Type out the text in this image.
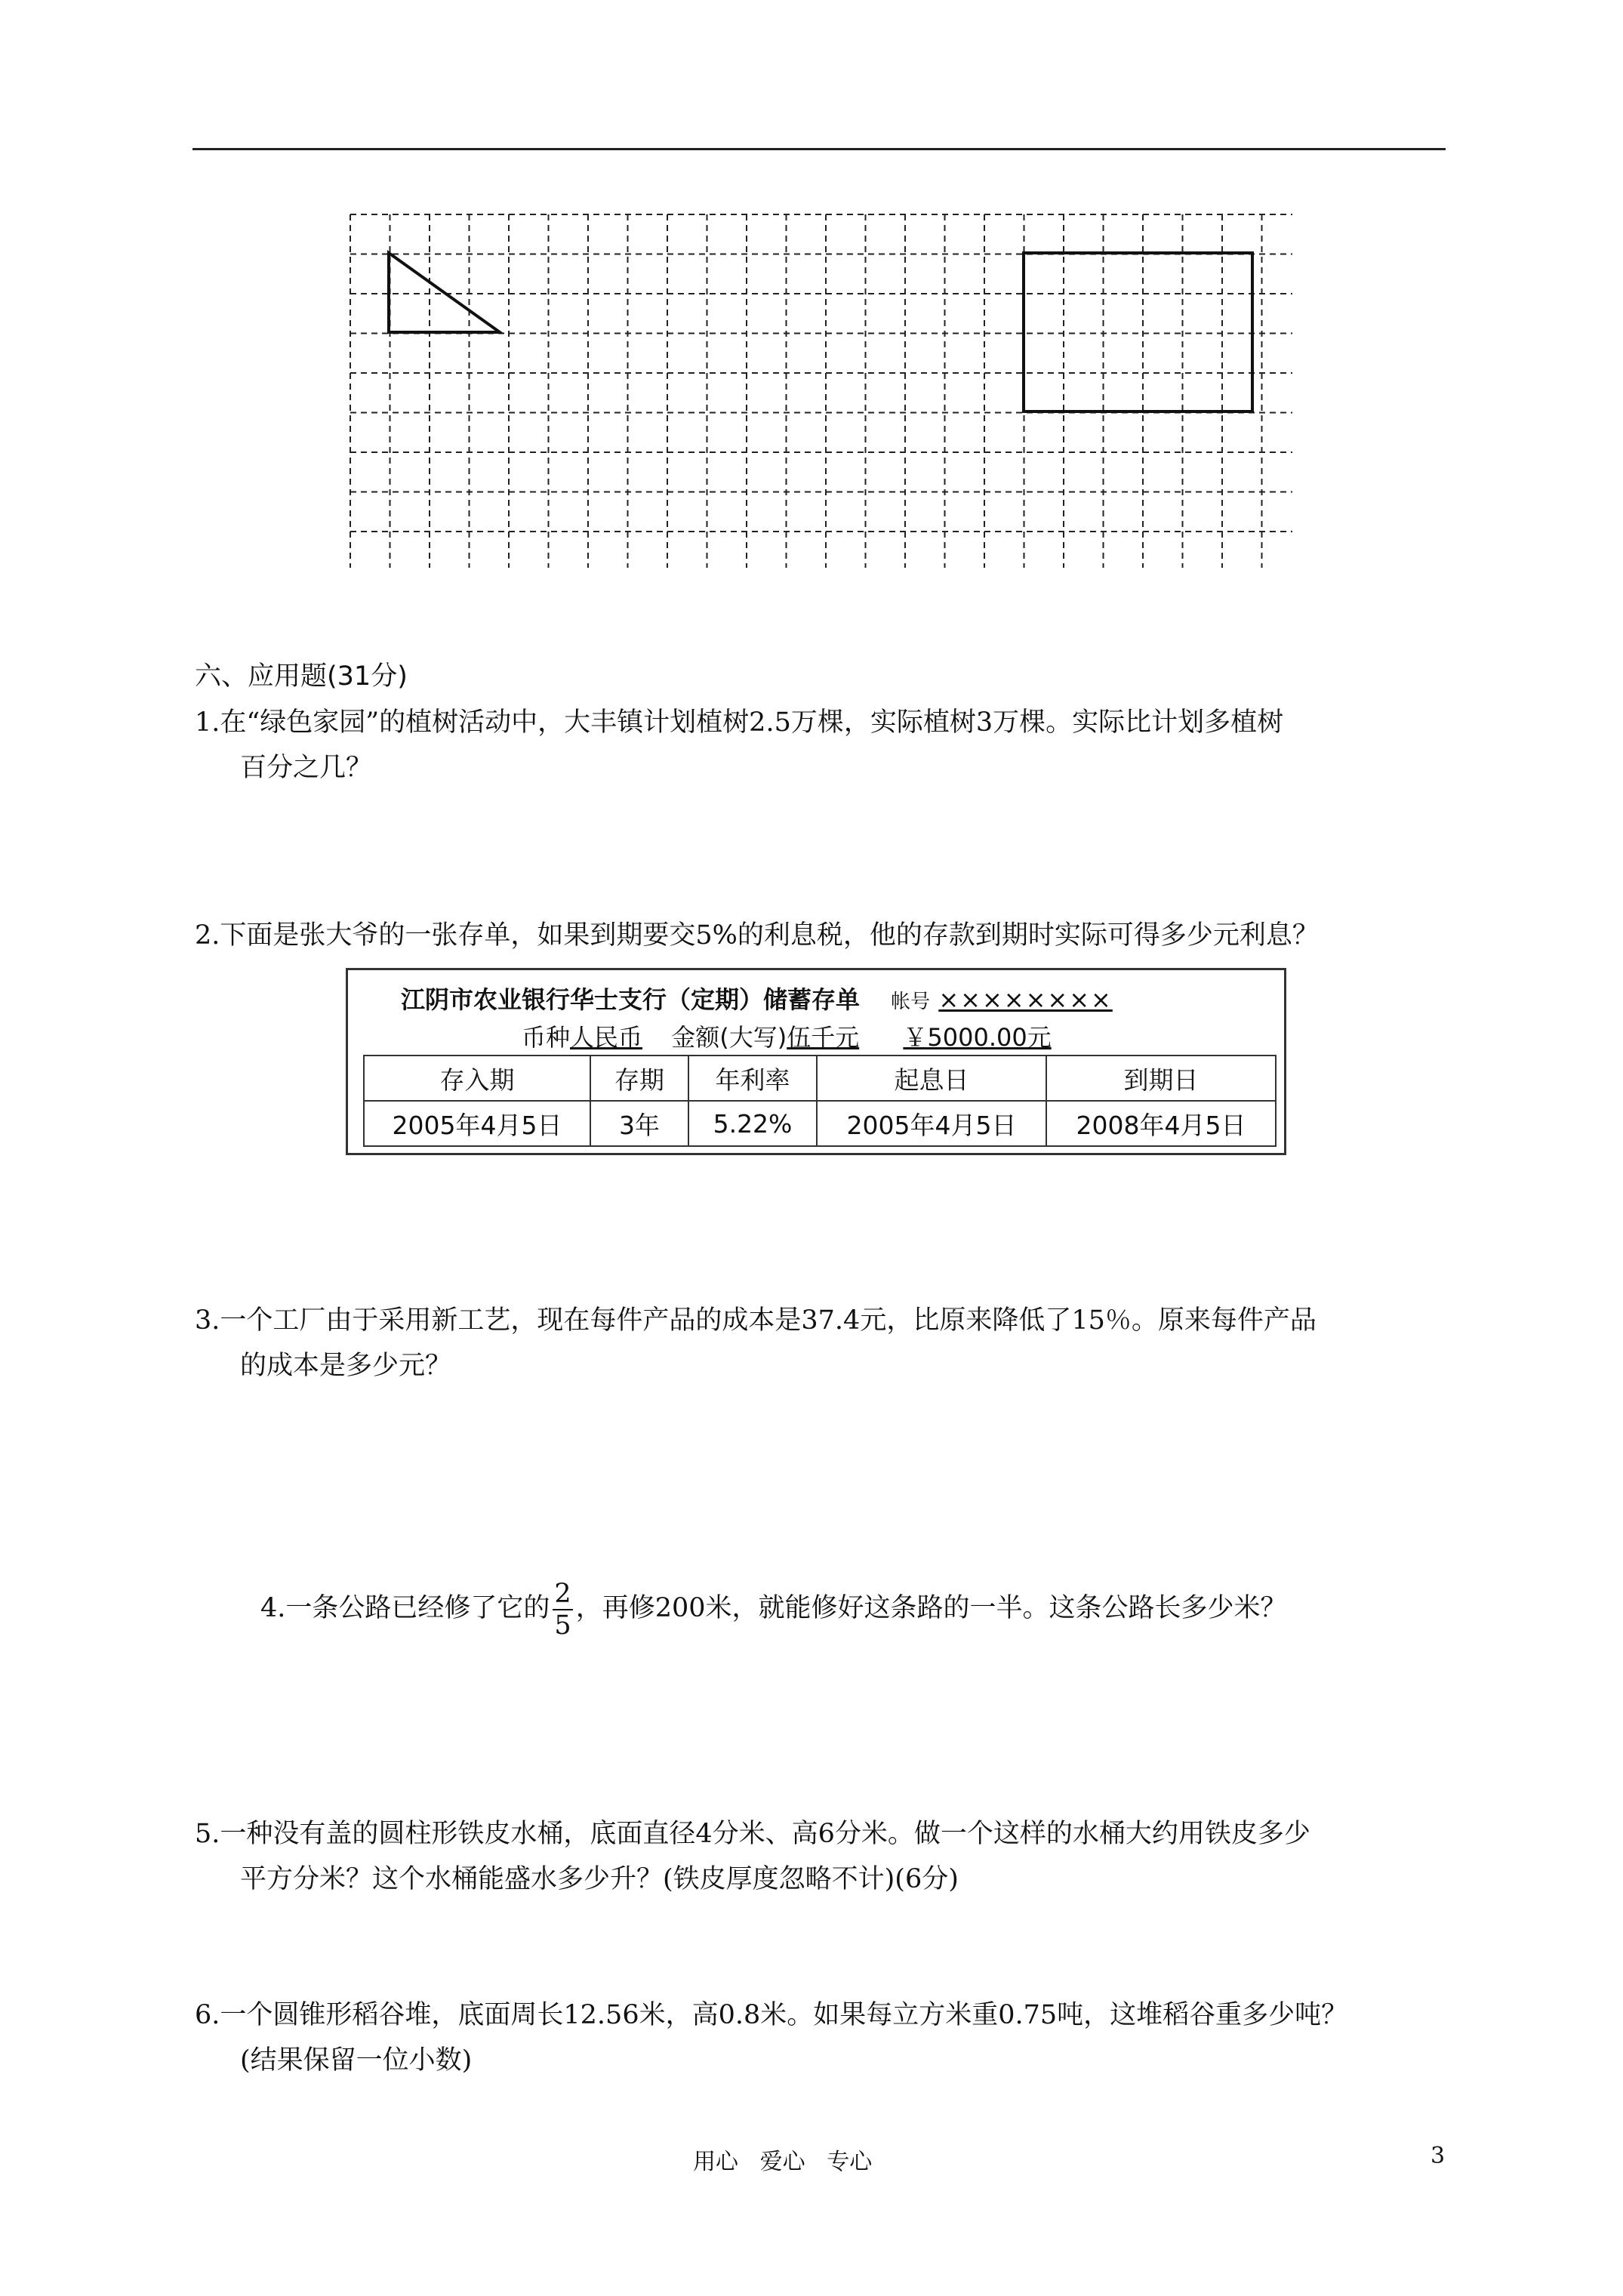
六、应用题(31分)
1.在“绿色家园”的植树活动中，大丰镇计划植树2.5万棵，实际植树3万棵。实际比计划多植树
百分之几？
2.下面是张大爷的一张存单，如果到期要交5%的利息税，他的存款到期时实际可得多少元利息？
江阴市农业银行华士支行（定期）储蓄存单 帐号 ××××××××
币种人民币 金额(大写)伍千元 ￥5000.00元
存入期	存期	年利率	起息日	到期日
2005年4月5日	3年	5.22%	2005年4月5日	2008年4月5日
3.一个工厂由于采用新工艺，现在每件产品的成本是37.4元，比原来降低了15％。原来每件产品
的成本是多少元？
4.一条公路已经修了它的 $\frac{2}{5}$ ，再修200米，就能修好这条路的一半。这条公路长多少米？
5.一种没有盖的圆柱形铁皮水桶，底面直径4分米、高6分米。做一个这样的水桶大约用铁皮多少
平方分米？这个水桶能盛水多少升？(铁皮厚度忽略不计)(6分)
6.一个圆锥形稻谷堆，底面周长12.56米，高0.8米。如果每立方米重0.75吨，这堆稻谷重多少吨？
(结果保留一位小数)
用心   爱心   专心	3
